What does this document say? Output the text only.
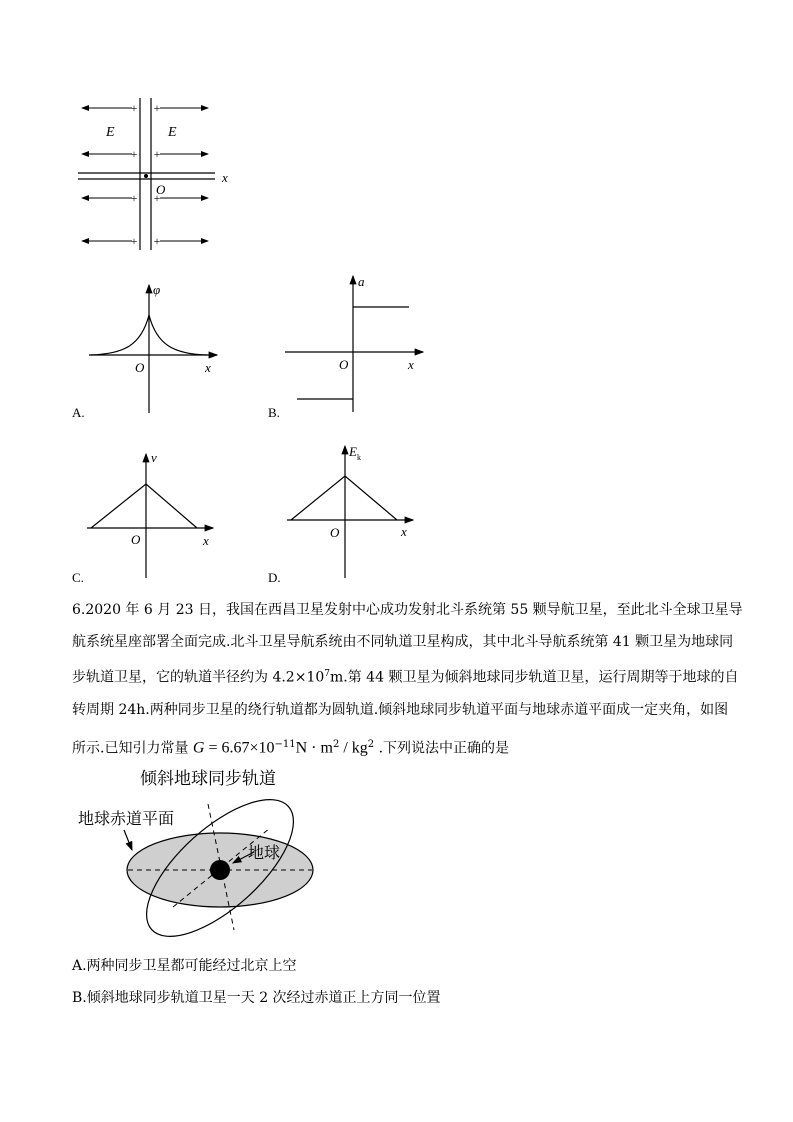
+ +
+ +
+ +
+ +
E	E
O
x
φ
O	x
A.
a
O	x
B.
v
O	x
C.
$E_k$
O	x
D.
6.2020 年 6 月 23 日，我国在西昌卫星发射中心成功发射北斗系统第 55 颗导航卫星，至此北斗全球卫星导
航系统星座部署全面完成.北斗卫星导航系统由不同轨道卫星构成，其中北斗导航系统第 41 颗卫星为地球同
步轨道卫星，它的轨道半径约为 $4.2\times 10^7m$.第 44 颗卫星为倾斜地球同步轨道卫星，运行周期等于地球的自
转周期 24h.两种同步卫星的绕行轨道都为圆轨道.倾斜地球同步轨道平面与地球赤道平面成一定夹角，如图
所示.已知引力常量 $G = 6.67\times 10^{-11}N \cdot m^2 / kg^2$ .下列说法中正确的是
倾斜地球同步轨道
地球赤道平面
地球
A.两种同步卫星都可能经过北京上空
B.倾斜地球同步轨道卫星一天 2 次经过赤道正上方同一位置
